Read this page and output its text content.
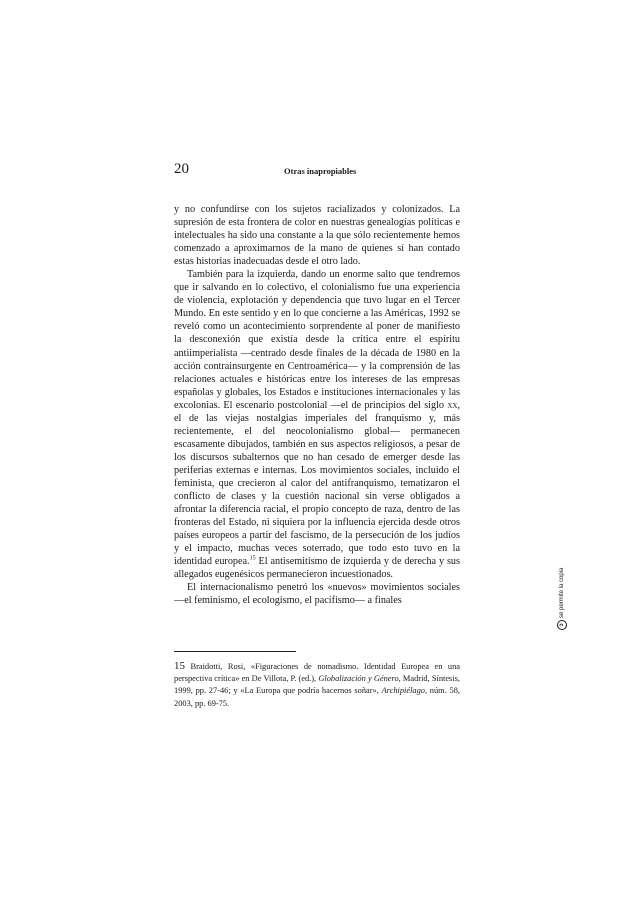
20	Otras inapropiables

y no confundirse con los sujetos racializados y colonizados. La supresión de esta frontera de color en nuestras genealogías políticas e intelectuales ha sido una constante a la que sólo recientemente hemos comenzado a aproximarnos de la mano de quienes sí han contado estas historias inadecuadas desde el otro lado.

También para la izquierda, dando un enorme salto que tendremos que ir salvando en lo colectivo, el colonialismo fue una experiencia de violencia, explotación y dependencia que tuvo lugar en el Tercer Mundo. En este sentido y en lo que concierne a las Américas, 1992 se reveló como un acontecimiento sorprendente al poner de manifiesto la desconexión que existía desde la crítica entre el espíritu antiimperialista —centrado desde finales de la década de 1980 en la acción contrainsurgente en Centroamérica— y la comprensión de las relaciones actuales e históricas entre los intereses de las empresas españolas y globales, los Estados e instituciones internacionales y las excolonias. El escenario postcolonial —el de principios del siglo xx, el de las viejas nostalgias imperiales del franquismo y, más recientemente, el del neocolonialismo global— permanecen escasamente dibujados, también en sus aspectos religiosos, a pesar de los discursos subalternos que no han cesado de emerger desde las periferias externas e internas. Los movimientos sociales, incluido el feminista, que crecieron al calor del antifranquismo, tematizaron el conflicto de clases y la cuestión nacional sin verse obligados a afrontar la diferencia racial, el propio concepto de raza, dentro de las fronteras del Estado, ni siquiera por la influencia ejercida desde otros países europeos a partir del fascismo, de la persecución de los judíos y el impacto, muchas veces soterrado, que todo esto tuvo en la identidad europea.$^{15}$ El antisemitismo de izquierda y de derecha y sus allegados eugenésicos permanecieron incuestionados.

El internacionalismo penetró los «nuevos» movimientos sociales —el feminismo, el ecologismo, el pacifismo— a finales

15 Braidotti, Rosi, «Figuraciones de nomadismo. Identidad Europea en una perspectiva crítica» en De Villota, P. (ed.), Globalización y Género, Madrid, Síntesis, 1999, pp. 27-46; y «La Europa que podría hacernos soñar», Archipiélago, núm. 58, 2003, pp. 69-75.
c
se permite la copia
